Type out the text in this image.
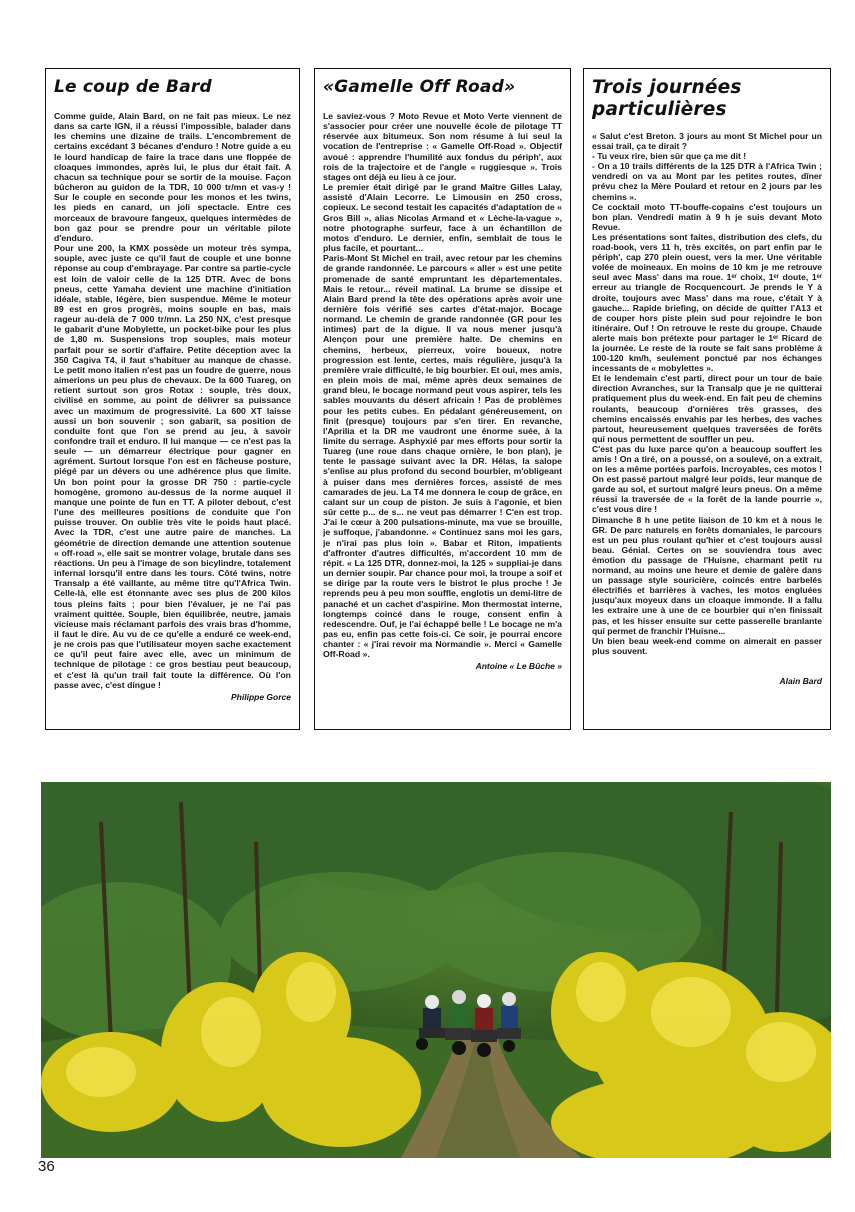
Le coup de Bard

Comme guide, Alain Bard, on ne fait pas mieux. Le nez dans sa carte IGN, il a réussi l'impossible, balader dans les chemins une dizaine de trails. L'encombrement de certains excédant 3 bécanes d'enduro ! Notre guide a eu le lourd handicap de faire la trace dans une floppée de cloaques immondes, après lui, le plus dur était fait. A chacun sa technique pour se sortir de la mouise. Façon bûcheron au guidon de la TDR, 10 000 tr/mn et vas-y ! Sur le couple en seconde pour les monos et les twins, les pieds en canard, un joli spectacle. Entre ces morceaux de bravoure fangeux, quelques intermèdes de bon gaz pour se prendre pour un véritable pilote d'enduro.

Pour une 200, la KMX possède un moteur très sympa, souple, avec juste ce qu'il faut de couple et une bonne réponse au coup d'embrayage. Par contre sa partie-cycle est loin de valoir celle de la 125 DTR. Avec de bons pneus, cette Yamaha devient une machine d'initiation idéale, stable, légère, bien suspendue. Même le moteur 89 est en gros progrès, moins souple en bas, mais rageur au-delà de 7 000 tr/mn. La 250 NX, c'est presque le gabarit d'une Mobylette, un pocket-bike pour les plus de 1,80 m. Suspensions trop souples, mais moteur parfait pour se sortir d'affaire. Petite déception avec la 350 Cagiva T4, il faut s'habituer au manque de chasse. Le petit mono italien n'est pas un foudre de guerre, nous aimerions un peu plus de chevaux. De la 600 Tuareg, on retient surtout son gros Rotax : souple, très doux, civilisé en somme, au point de délivrer sa puissance avec un maximum de progressivité. La 600 XT laisse aussi un bon souvenir ; son gabarit, sa position de conduite font que l'on se prend au jeu, à savoir confondre trail et enduro. Il lui manque — ce n'est pas la seule — un démarreur électrique pour gagner en agrément. Surtout lorsque l'on est en fâcheuse posture, piégé par un dévers ou une adhérence plus que limite. Un bon point pour la grosse DR 750 : partie-cycle homogène, gromono au-dessus de la norme auquel il manque une pointe de fun en TT. A piloter debout, c'est l'une des meilleures positions de conduite que l'on puisse trouver. On oublie très vite le poids haut placé. Avec la TDR, c'est une autre paire de manches. La géométrie de direction demande une attention soutenue « off-road », elle sait se montrer volage, brutale dans ses réactions. Un peu à l'image de son bicylindre, totalement infernal lorsqu'il entre dans les tours. Côté twins, notre Transalp a été vaillante, au même titre qu'l'Africa Twin. Celle-là, elle est étonnante avec ses plus de 200 kilos tous pleins faits ; pour bien l'évaluer, je ne l'ai pas vraiment quittée. Souple, bien équilibrée, neutre, jamais vicieuse mais réclamant parfois des vrais bras d'homme, il faut le dire. Au vu de ce qu'elle a enduré ce week-end, je ne crois pas que l'utilisateur moyen sache exactement ce qu'il peut faire avec elle, avec un minimum de technique de pilotage : ce gros bestiau peut beaucoup, et c'est là qu'un trail fait toute la différence. Où l'on passe avec, c'est dingue !

Philippe Gorce
«Gamelle Off Road»

Le saviez-vous ? Moto Revue et Moto Verte viennent de s'associer pour créer une nouvelle école de pilotage TT réservée aux bitumeux. Son nom résume à lui seul la vocation de l'entreprise : « Gamelle Off-Road ». Objectif avoué : apprendre l'humilité aux fondus du périph', aux rois de la trajectoire et de l'angle « ruggiesque ». Trois stages ont déjà eu lieu à ce jour.

Le premier était dirigé par le grand Maître Gilles Lalay, assisté d'Alain Lecorre. Le Limousin en 250 cross, copieux. Le second testait les capacités d'adaptation de « Gros Bill », alias Nicolas Armand et « Lèche-la-vague », notre photographe surfeur, face à un échantillon de motos d'enduro. Le dernier, enfin, semblait de tous le plus facile, et pourtant...

Paris-Mont St Michel en trail, avec retour par les chemins de grande randonnée. Le parcours « aller » est une petite promenade de santé empruntant les départementales. Mais le retour... réveil matinal. La brume se dissipe et Alain Bard prend la tête des opérations après avoir une dernière fois vérifié ses cartes d'état-major. Bocage normand. Le chemin de grande randonnée (GR pour les intimes) part de la digue. Il va nous mener jusqu'à Alençon pour une première halte. De chemins en chemins, herbeux, pierreux, voire boueux, notre progression est lente, certes, mais régulière, jusqu'à la première vraie difficulté, le big bourbier. Et oui, mes amis, en plein mois de mai, même après deux semaines de grand bleu, le bocage normand peut vous aspirer, tels les sables mouvants du désert africain ! Pas de problèmes pour les petits cubes. En pédalant généreusement, on finit (presque) toujours par s'en tirer. En revanche, l'Aprilia et la DR me vaudront une énorme suée, à la limite du serrage. Asphyxié par mes efforts pour sortir la Tuareg (une roue dans chaque ornière, le bon plan), je tente le passage suivant avec la DR. Hélas, la salope s'enlise au plus profond du second bourbier, m'obligeant à puiser dans mes dernières forces, assisté de mes camarades de jeu. La T4 me donnera le coup de grâce, en calant sur un coup de piston. Je suis à l'agonie, et bien sûr cette p... de s... ne veut pas démarrer ! C'en est trop. J'ai le cœur à 200 pulsations-minute, ma vue se brouille, je suffoque, j'abandonne. « Continuez sans moi les gars, je n'irai pas plus loin ». Babar et Riton, impatients d'affronter d'autres difficultés, m'accordent 10 mm de répit. « La 125 DTR, donnez-moi, la 125 » suppliai-je dans un dernier soupir. Par chance pour moi, la troupe a soif et se dirige par la route vers le bistrot le plus proche ! Je reprends peu à peu mon souffle, englotis un demi-litre de panaché et un cachet d'aspirine. Mon thermostat interne, longtemps coincé dans le rouge, consent enfin à redescendre. Ouf, je l'ai échappé belle ! Le bocage ne m'a pas eu, enfin pas cette fois-ci. Ce soir, je pourrai encore chanter : « j'irai revoir ma Normandie ». Merci « Gamelle Off-Road ».

Antoine « Le Bûche »
Trois journées particulières

« Salut c'est Breton. 3 jours au mont St Michel pour un essai trail, ça te dirait ?

- Tu veux rire, bien sûr que ça me dit !

- On a 10 trails différents de la 125 DTR à l'Africa Twin ; vendredi on va au Mont par les petites routes, dîner prévu chez la Mère Poulard et retour en 2 jours par les chemins ».

Ce cocktail moto TT-bouffe-copains c'est toujours un bon plan. Vendredi matin à 9 h je suis devant Moto Revue.

Les présentations sont faites, distribution des clefs, du road-book, vers 11 h, très excités, on part enfin par le périph', cap 270 plein ouest, vers la mer. Une véritable volée de moineaux. En moins de 10 km je me retrouve seul avec Mass' dans ma roue. 1ᵉʳ choix, 1ᵉʳ doute, 1ᵉʳ erreur au triangle de Rocquencourt. Je prends le Y à droite, toujours avec Mass' dans ma roue, c'était Y à gauche... Rapide briefing, on décide de quitter l'A13 et de couper hors piste plein sud pour rejoindre le bon itinéraire. Ouf ! On retrouve le reste du groupe. Chaude alerte mais bon prétexte pour partager le 1ᵉʳ Ricard de la journée. Le reste de la route se fait sans problème à 100-120 km/h, seulement ponctué par nos échanges incessants de « mobylettes ».

Et le lendemain c'est parti, direct pour un tour de baie direction Avranches, sur la Transalp que je ne quitterai pratiquement plus du week-end. En fait peu de chemins roulants, beaucoup d'ornières très grasses, des chemins encaissés envahis par les herbes, des vaches partout, heureusement quelques traversées de forêts qui nous permettent de souffler un peu.

C'est pas du luxe parce qu'on a beaucoup souffert les amis ! On a tiré, on a poussé, on a soulevé, on a extrait, on les a même portées parfois. Incroyables, ces motos ! On est passé partout malgré leur poids, leur manque de garde au sol, et surtout malgré leurs pneus. On a même réussi la traversée de « la forêt de la lande pourrie », c'est vous dire !

Dimanche 8 h une petite liaison de 10 km et à nous le GR. De parc naturels en forêts domaniales, le parcours est un peu plus roulant qu'hier et c'est toujours aussi beau. Génial. Certes on se souviendra tous avec émotion du passage de l'Huisne, charmant petit ru normand, au moins une heure et demie de galère dans un passage style souricière, coincés entre barbelés électrifiés et barrières à vaches, les motos engluées jusqu'aux moyeux dans un cloaque immonde. Il a fallu les extraire une à une de ce bourbier qui n'en finissait pas, et les hisser ensuite sur cette passerelle branlante qui permet de franchir l'Huisne...

Un bien beau week-end comme on aimerait en passer plus souvent.

Alain Bard
36
